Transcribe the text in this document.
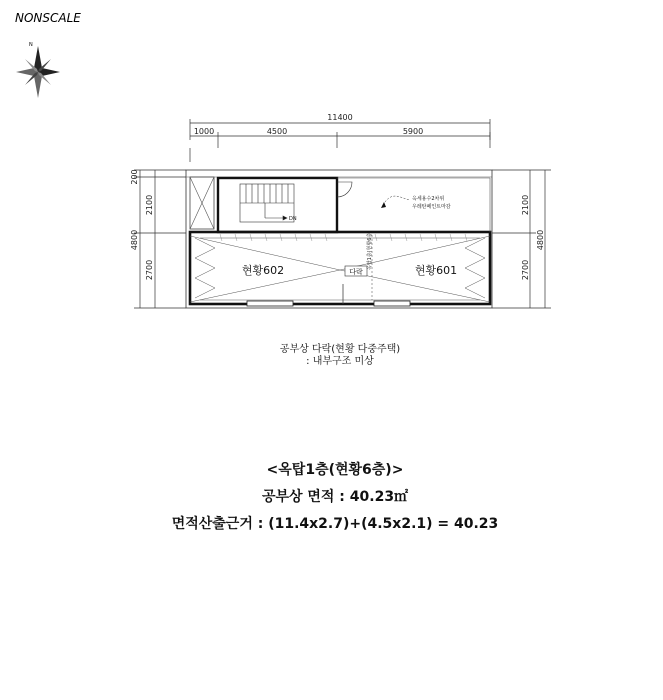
NONSCALE
N
11400
1000	4500	5900
200
2100
2700
4800
2100
2700
4800
DN
현황602	현황601
다락
옥탑1층(현황6층)
옥세용수2차위
우레탄페인트마감
공부상 다락(현황 다중주택)
: 내부구조 미상
<옥탑1층(현황6층)>
공부상 면적 : 40.23㎡
면적산출근거 : (11.4x2.7)+(4.5x2.1) = 40.23
